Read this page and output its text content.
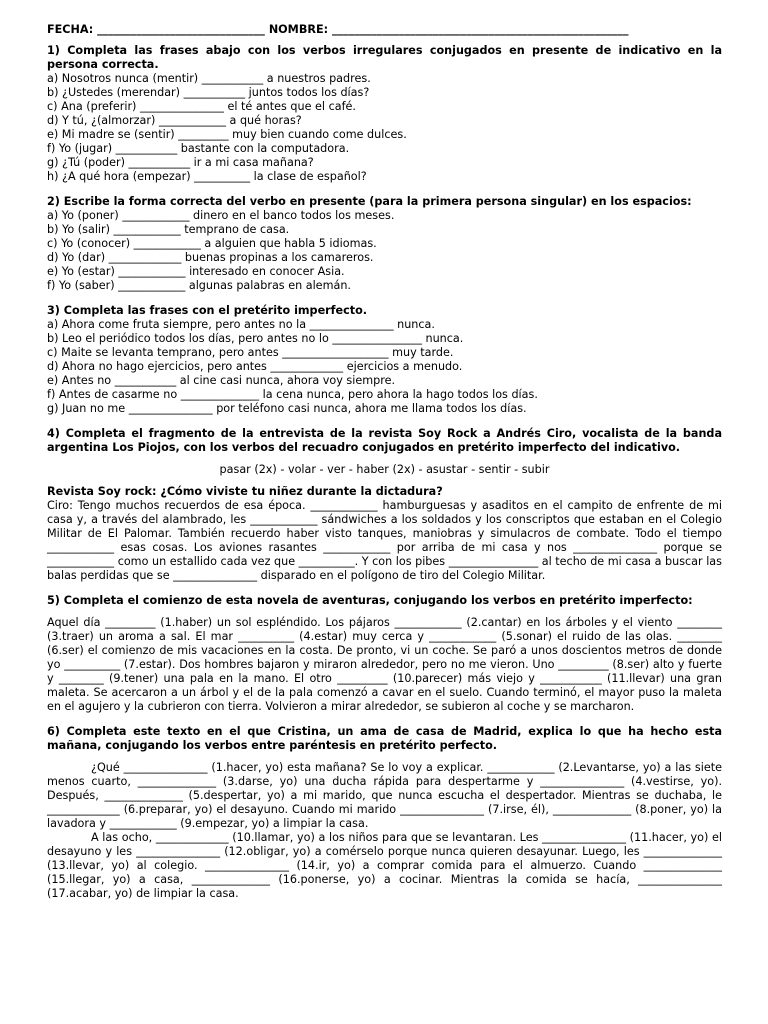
FECHA: ______________________________ NOMBRE: _____________________________________________________
1) Completa las frases abajo con los verbos irregulares conjugados en presente de indicativo en la persona correcta.
a) Nosotros nunca (mentir) ___________ a nuestros padres.
b) ¿Ustedes (merendar) ___________ juntos todos los días?
c) Ana (preferir) _______________ el té antes que el café.
d) Y tú, ¿(almorzar) ____________ a qué horas?
e) Mi madre se (sentir) _________ muy bien cuando come dulces.
f) Yo (jugar) ___________ bastante con la computadora.
g) ¿Tú (poder) ___________ ir a mi casa mañana?
h) ¿A qué hora (empezar) __________ la clase de español?
2) Escribe la forma correcta del verbo en presente (para la primera persona singular) en los espacios:
a) Yo (poner) ____________ dinero en el banco todos los meses.
b) Yo (salir) ____________ temprano de casa.
c) Yo (conocer) ____________ a alguien que habla 5 idiomas.
d) Yo (dar) _____________ buenas propinas a los camareros.
e) Yo (estar) ____________ interesado en conocer Asia.
f) Yo (saber) ____________ algunas palabras en alemán.
3) Completa las frases con el pretérito imperfecto.
a) Ahora come fruta siempre, pero antes no la _______________ nunca.
b) Leo el periódico todos los días, pero antes no lo ________________ nunca.
c) Maite se levanta temprano, pero antes ___________________ muy tarde.
d) Ahora no hago ejercicios, pero antes _____________ ejercicios a menudo.
e) Antes no ___________ al cine casi nunca, ahora voy siempre.
f) Antes de casarme no ______________ la cena nunca, pero ahora la hago todos los días.
g) Juan no me _______________ por teléfono casi nunca, ahora me llama todos los días.
4) Completa el fragmento de la entrevista de la revista Soy Rock a Andrés Ciro, vocalista de la banda argentina Los Piojos, con los verbos del recuadro conjugados en pretérito imperfecto del indicativo.
pasar (2x) - volar - ver - haber (2x) - asustar - sentir - subir
Revista Soy rock: ¿Cómo viviste tu niñez durante la dictadura?
Ciro: Tengo muchos recuerdos de esa época. ____________ hamburguesas y asaditos en el campito de enfrente de mi casa y, a través del alambrado, les ____________ sándwiches a los soldados y los conscriptos que estaban en el Colegio Militar de El Palomar. También recuerdo haber visto tanques, maniobras y simulacros de combate. Todo el tiempo ____________ esas cosas. Los aviones rasantes ____________ por arriba de mi casa y nos _______________ porque se ____________ como un estallido cada vez que __________. Y con los pibes ________________ al techo de mi casa a buscar las balas perdidas que se _______________ disparado en el polígono de tiro del Colegio Militar.
5) Completa el comienzo de esta novela de aventuras, conjugando los verbos en pretérito imperfecto:
Aquel día _________ (1.haber) un sol espléndido. Los pájaros ____________ (2.cantar) en los árboles y el viento ________ (3.traer) un aroma a sal. El mar __________ (4.estar) muy cerca y ____________ (5.sonar) el ruido de las olas. ________ (6.ser) el comienzo de mis vacaciones en la costa. De pronto, vi un coche. Se paró a unos doscientos metros de donde yo __________ (7.estar). Dos hombres bajaron y miraron alrededor, pero no me vieron. Uno _________ (8.ser) alto y fuerte y ________ (9.tener) una pala en la mano. El otro _________ (10.parecer) más viejo y ___________ (11.llevar) una gran maleta. Se acercaron a un árbol y el de la pala comenzó a cavar en el suelo. Cuando terminó, el mayor puso la maleta en el agujero y la cubrieron con tierra. Volvieron a mirar alrededor, se subieron al coche y se marcharon.
6) Completa este texto en el que Cristina, un ama de casa de Madrid, explica lo que ha hecho esta mañana, conjugando los verbos entre paréntesis en pretérito perfecto.
¿Qué _______________ (1.hacer, yo) esta mañana? Se lo voy a explicar. ____________ (2.Levantarse, yo) a las siete menos cuarto, ______________ (3.darse, yo) una ducha rápida para despertarme y _______________ (4.vestirse, yo). Después, ______________ (5.despertar, yo) a mi marido, que nunca escucha el despertador. Mientras se duchaba, le _____________ (6.preparar, yo) el desayuno. Cuando mi marido _______________ (7.irse, él), ______________ (8.poner, yo) la lavadora y ____________ (9.empezar, yo) a limpiar la casa.
A las ocho, _____________ (10.llamar, yo) a los niños para que se levantaran. Les _______________ (11.hacer, yo) el desayuno y les _______________ (12.obligar, yo) a comérselo porque nunca quieren desayunar. Luego, les ______________ (13.llevar, yo) al colegio. _______________ (14.ir, yo) a comprar comida para el almuerzo. Cuando ______________ (15.llegar, yo) a casa, ______________ (16.ponerse, yo) a cocinar. Mientras la comida se hacía, _______________ (17.acabar, yo) de limpiar la casa.
